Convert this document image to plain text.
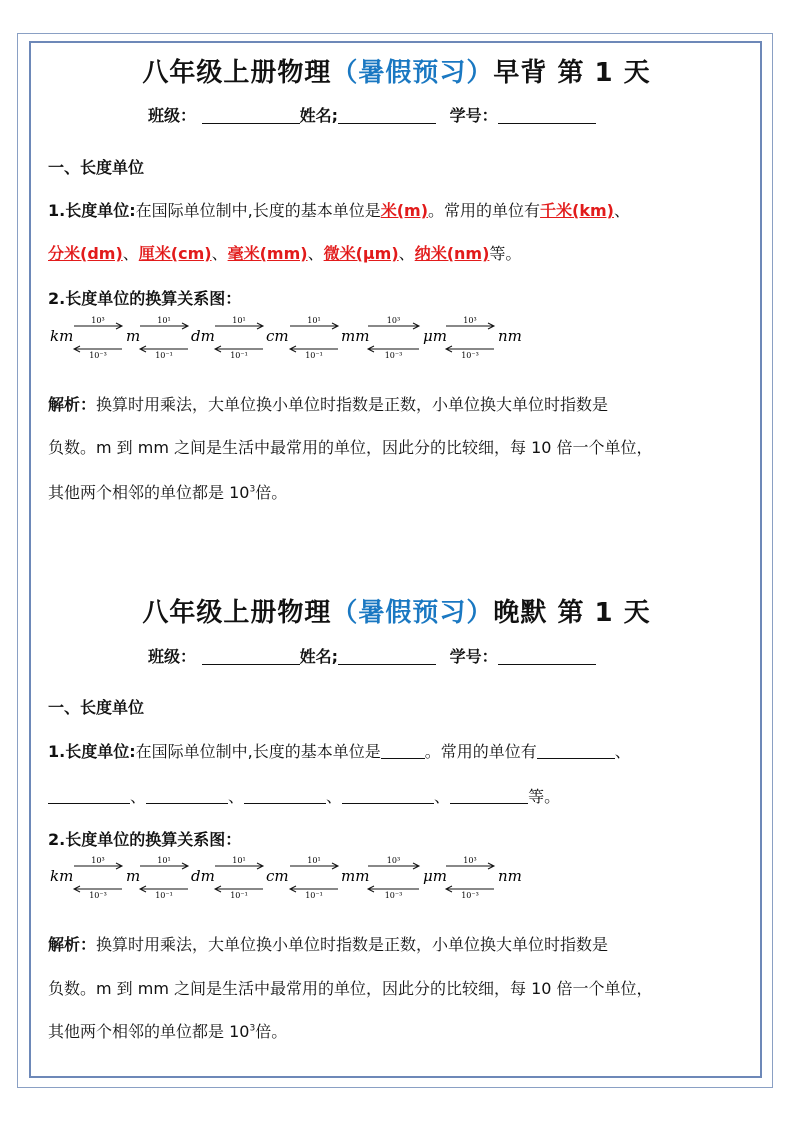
八年级上册物理（暑假预习）早背 第 1 天
班级：	姓名;	学号：
一、长度单位
1.长度单位:在国际单位制中,长度的基本单位是米(m)。常用的单位有千米(km)、
分米(dm)、厘米(cm)、毫米(mm)、微米(μm)、纳米(nm)等。
2.长度单位的换算关系图：
km	m	dm	cm	mm	μm	nm
10³
10⁻³
10¹
10⁻¹
10¹
10⁻¹
10¹
10⁻¹
10³
10⁻³
10³
10⁻³
解析：换算时用乘法，大单位换小单位时指数是正数，小单位换大单位时指数是
负数。m 到 mm 之间是生活中最常用的单位，因此分的比较细，每 10 倍一个单位，
其他两个相邻的单位都是 $10^3$倍。
八年级上册物理（暑假预习）晚默 第 1 天
班级：	姓名;	学号：
一、长度单位
1.长度单位:在国际单位制中,长度的基本单位是	。常用的单位有	、
、	、	、	、	等。
2.长度单位的换算关系图：
km	m	dm	cm	mm	μm	nm
10³
10⁻³
10¹
10⁻¹
10¹
10⁻¹
10¹
10⁻¹
10³
10⁻³
10³
10⁻³
解析：换算时用乘法，大单位换小单位时指数是正数，小单位换大单位时指数是
负数。m 到 mm 之间是生活中最常用的单位，因此分的比较细，每 10 倍一个单位，
其他两个相邻的单位都是 $10^3$倍。
